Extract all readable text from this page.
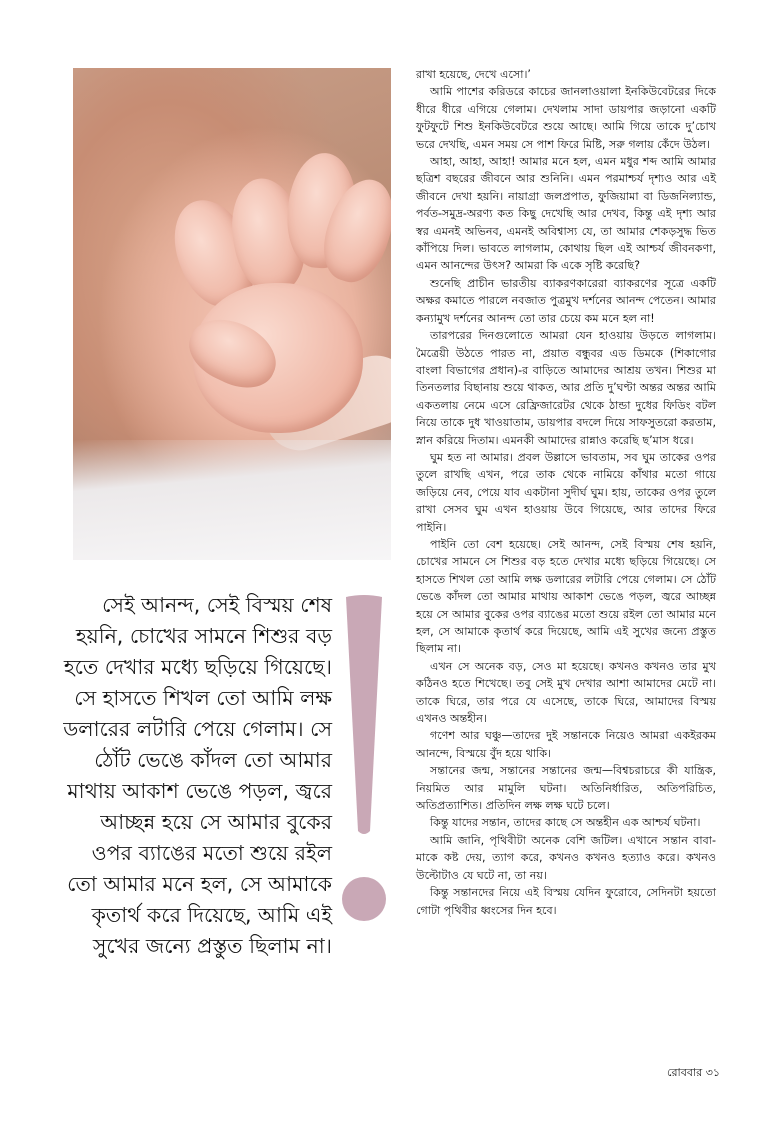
সেই আনন্দ, সেই বিস্ময় শেষ হয়নি, চোখের সামনে শিশুর বড় হতে দেখার মধ্যে ছড়িয়ে গিয়েছে। সে হাসতে শিখল তো আমি লক্ষ ডলারের লটারি পেয়ে গেলাম। সে ঠোঁট ভেঙে কাঁদল তো আমার মাথায় আকাশ ভেঙে পড়ল, জ্বরে আচ্ছন্ন হয়ে সে আমার বুকের ওপর ব্যাঙের মতো শুয়ে রইল তো আমার মনে হল, সে আমাকে কৃতার্থ করে দিয়েছে, আমি এই সুখের জন্যে প্রস্তুত ছিলাম না।

রাখা হয়েছে, দেখে এসো।’

আমি পাশের করিডরে কাচের জানলাওয়ালা ইনকিউবেটরের দিকে ধীরে ধীরে এগিয়ে গেলাম। দেখলাম সাদা ডায়পার জড়ানো একটি ফুটফুটে শিশু ইনকিউবেটরে শুয়ে আছে। আমি গিয়ে তাকে দু’চোখ ভরে দেখছি, এমন সময় সে পাশ ফিরে মিষ্টি, সরু গলায় কেঁদে উঠল।

আহা, আহা, আহা! আমার মনে হল, এমন মধুর শব্দ আমি আমার ছত্রিশ বছরের জীবনে আর শুনিনি। এমন পরমাশ্চর্য দৃশ্যও আর এই জীবনে দেখা হয়নি। নায়াগ্রা জলপ্রপাত, ফুজিয়ামা বা ডিজনিল্যান্ড, পর্বত-সমুদ্র-অরণ্য কত কিছু দেখেছি আর দেখব, কিন্তু এই দৃশ্য আর স্বর এমনই অভিনব, এমনই অবিশ্বাস্য যে, তা আমার শেকড়সুদ্ধ ভিত কাঁপিয়ে দিল। ভাবতে লাগলাম, কোথায় ছিল এই আশ্চর্য জীবনকণা, এমন আনন্দের উৎস? আমরা কি একে সৃষ্টি করেছি?

শুনেছি প্রাচীন ভারতীয় ব্যাকরণকারেরা ব্যাকরণের সূত্রে একটি অক্ষর কমাতে পারলে নবজাত পুত্রমুখ দর্শনের আনন্দ পেতেন। আমার কন্যামুখ দর্শনের আনন্দ তো তার চেয়ে কম মনে হল না!

তারপরের দিনগুলোতে আমরা যেন হাওয়ায় উড়তে লাগলাম। মৈত্রেয়ী উঠতে পারত না, প্রয়াত বন্ধুবর এড ডিমকে (শিকাগোর বাংলা বিভাগের প্রধান)-র বাড়িতে আমাদের আশ্রয় তখন। শিশুর মা তিনতলার বিছানায় শুয়ে থাকত, আর প্রতি দু’ঘণ্টা অন্তর অন্তর আমি একতলায় নেমে এসে রেফ্রিজারেটর থেকে ঠান্ডা দুধের ফিডিং বটল নিয়ে তাকে দুধ খাওয়াতাম, ডায়পার বদলে দিয়ে সাফসুতরো করতাম, স্নান করিয়ে দিতাম। এমনকী আমাদের রান্নাও করেছি ছ’মাস ধরে।

ঘুম হত না আমার। প্রবল উল্লাসে ভাবতাম, সব ঘুম তাকের ওপর তুলে রাখছি এখন, পরে তাক থেকে নামিয়ে কাঁথার মতো গায়ে জড়িয়ে নেব, পেয়ে যাব একটানা সুদীর্ঘ ঘুম। হায়, তাকের ওপর তুলে রাখা সেসব ঘুম এখন হাওয়ায় উবে গিয়েছে, আর তাদের ফিরে পাইনি।

পাইনি তো বেশ হয়েছে। সেই আনন্দ, সেই বিস্ময় শেষ হয়নি, চোখের সামনে সে শিশুর বড় হতে দেখার মধ্যে ছড়িয়ে গিয়েছে। সে হাসতে শিখল তো আমি লক্ষ ডলারের লটারি পেয়ে গেলাম। সে ঠোঁট ভেঙে কাঁদল তো আমার মাথায় আকাশ ভেঙে পড়ল, জ্বরে আচ্ছন্ন হয়ে সে আমার বুকের ওপর ব্যাঙের মতো শুয়ে রইল তো আমার মনে হল, সে আমাকে কৃতার্থ করে দিয়েছে, আমি এই সুখের জন্যে প্রস্তুত ছিলাম না।

এখন সে অনেক বড়, সেও মা হয়েছে। কখনও কখনও তার মুখ কঠিনও হতে শিখেছে। তবু সেই মুখ দেখার আশা আমাদের মেটে না। তাকে ঘিরে, তার পরে যে এসেছে, তাকে ঘিরে, আমাদের বিস্ময় এখনও অন্তহীন।

গণেশ আর ঘঞ্চু—তাদের দুই সন্তানকে নিয়েও আমরা একইরকম আনন্দে, বিস্ময়ে বুঁদ হয়ে থাকি।

সন্তানের জন্ম, সন্তানের সন্তানের জন্ম—বিশ্বচরাচরে কী যান্ত্রিক, নিয়মিত আর মামুলি ঘটনা। অতিনির্ধারিত, অতিপরিচিত, অতিপ্রত্যাশিত। প্রতিদিন লক্ষ লক্ষ ঘটে চলে।

কিন্তু যাদের সন্তান, তাদের কাছে সে অন্তহীন এক আশ্চর্য ঘটনা।

আমি জানি, পৃথিবীটা অনেক বেশি জটিল। এখানে সন্তান বাবা-মাকে কষ্ট দেয়, ত্যাগ করে, কখনও কখনও হত্যাও করে। কখনও উল্টোটাও যে ঘটে না, তা নয়।

কিন্তু সন্তানদের নিয়ে এই বিস্ময় যেদিন ফুরোবে, সেদিনটা হয়তো গোটা পৃথিবীর ধ্বংসের দিন হবে।

রোববার ৩১
